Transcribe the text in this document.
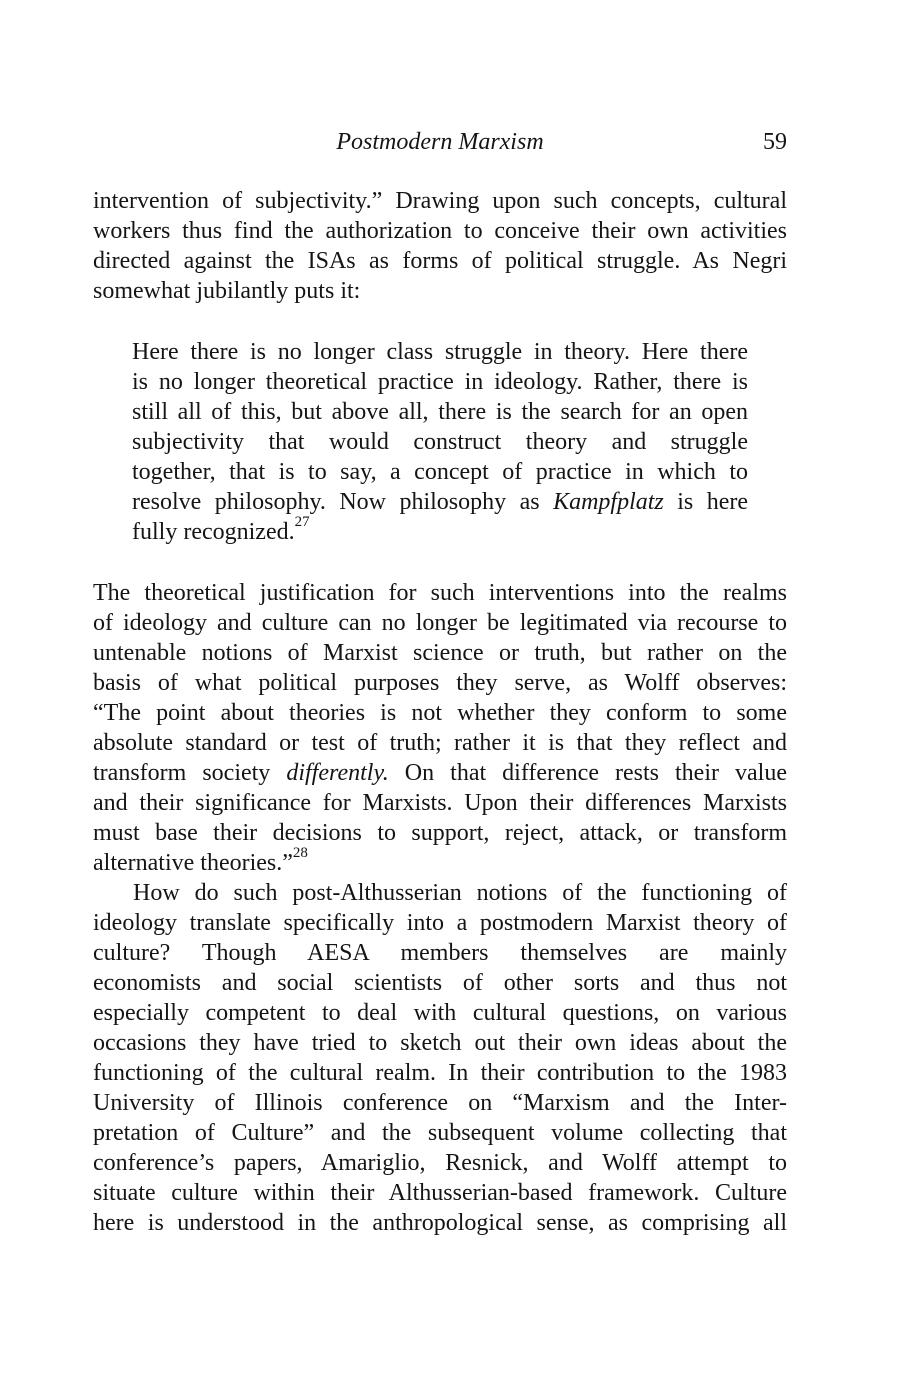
Postmodern Marxism	59
intervention of subjectivity.” Drawing upon such concepts, cultural
workers thus find the authorization to conceive their own activities
directed against the ISAs as forms of political struggle. As Negri
somewhat jubilantly puts it:
Here there is no longer class struggle in theory. Here there
is no longer theoretical practice in ideology. Rather, there is
still all of this, but above all, there is the search for an open
subjectivity that would construct theory and struggle
together, that is to say, a concept of practice in which to
resolve philosophy. Now philosophy as Kampfplatz is here
fully recognized.$^{27}$
The theoretical justification for such interventions into the realms
of ideology and culture can no longer be legitimated via recourse to
untenable notions of Marxist science or truth, but rather on the
basis of what political purposes they serve, as Wolff observes:
“The point about theories is not whether they conform to some
absolute standard or test of truth; rather it is that they reflect and
transform society differently. On that difference rests their value
and their significance for Marxists. Upon their differences Marxists
must base their decisions to support, reject, attack, or transform
alternative theories.”$^{28}$
How do such post-Althusserian notions of the functioning of
ideology translate specifically into a postmodern Marxist theory of
culture? Though AESA members themselves are mainly
economists and social scientists of other sorts and thus not
especially competent to deal with cultural questions, on various
occasions they have tried to sketch out their own ideas about the
functioning of the cultural realm. In their contribution to the 1983
University of Illinois conference on “Marxism and the Inter-
pretation of Culture” and the subsequent volume collecting that
conference’s papers, Amariglio, Resnick, and Wolff attempt to
situate culture within their Althusserian-based framework. Culture
here is understood in the anthropological sense, as comprising all
